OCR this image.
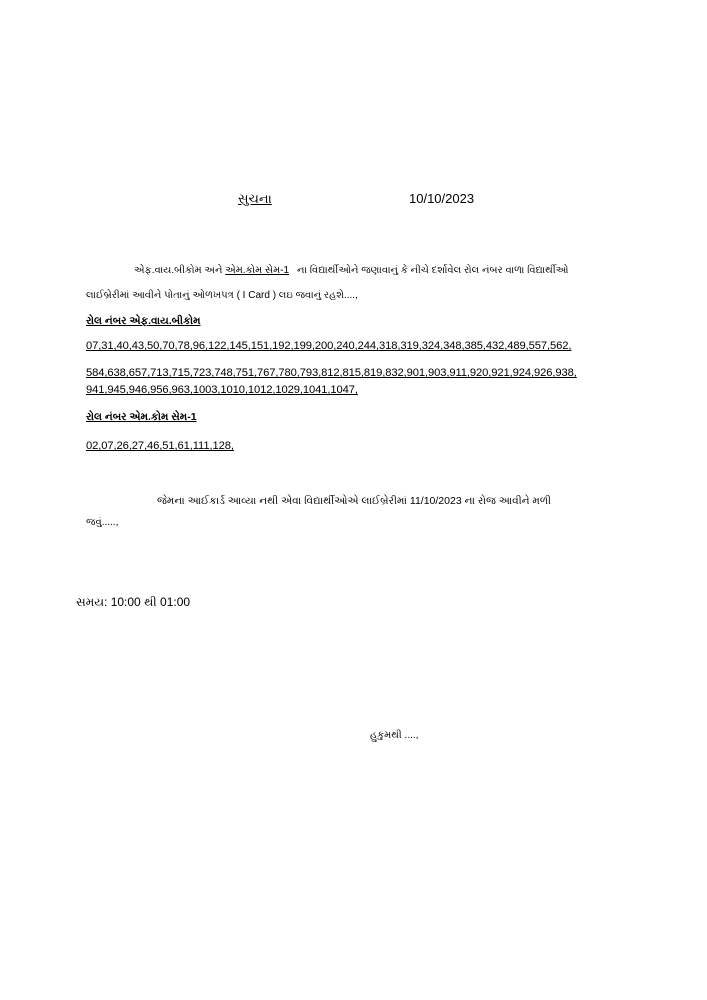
સુચના	10/10/2023
એફ.વાય.બીકોમ અને એમ.કોમ સેમ-1 ના વિદ્યાર્થીઓને જણાવાનું કે નીચે દર્શાવેલ રોલ નંબર વાળા વિદ્યાર્થીઓ
લાઈબ્રેરીમાં આવીને પોતાનું ઓળખપત્ર ( I Card ) લઇ જવાનું રહશે....,
રોલ નંબર એફ.વાય.બીકોમ
07,31,40,43,50,70,78,96,122,145,151,192,199,200,240,244,318,319,324,348,385,432,489,557,562,
584,638,657,713,715,723,748,751,767,780,793,812,815,819,832,901,903,911,920,921,924,926,938,
941,945,946,956,963,1003,1010,1012,1029,1041,1047,
રોલ નંબર એમ.કોમ સેમ-1
02,07,26,27,46,51,61,111,128,
જેમના આઈકાર્ડ આવ્યા નથી એવા વિદ્યાર્થીઓએ લાઈબ્રેરીમાં 11/10/2023 ના રોજ આવીને મળી
જવું.....,
સમય: 10:00 થી 01:00
હુકુમથી ....,
